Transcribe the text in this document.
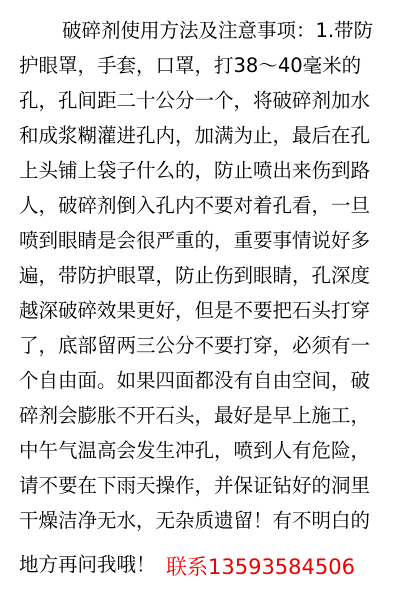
破碎剂使用方法及注意事项：1.带防
护眼罩，手套，口罩，打38～40毫米的
孔，孔间距二十公分一个，将破碎剂加水
和成浆糊灌进孔内，加满为止，最后在孔
上头铺上袋子什么的，防止喷出来伤到路
人，破碎剂倒入孔内不要对着孔看，一旦
喷到眼睛是会很严重的，重要事情说好多
遍，带防护眼罩，防止伤到眼睛，孔深度
越深破碎效果更好，但是不要把石头打穿
了，底部留两三公分不要打穿，必须有一
个自由面。如果四面都没有自由空间，破
碎剂会膨胀不开石头，最好是早上施工，
中午气温高会发生冲孔，喷到人有危险，
请不要在下雨天操作，并保证钻好的洞里
干燥洁净无水，无杂质遗留！有不明白的
地方再问我哦！ 联系13593584506
